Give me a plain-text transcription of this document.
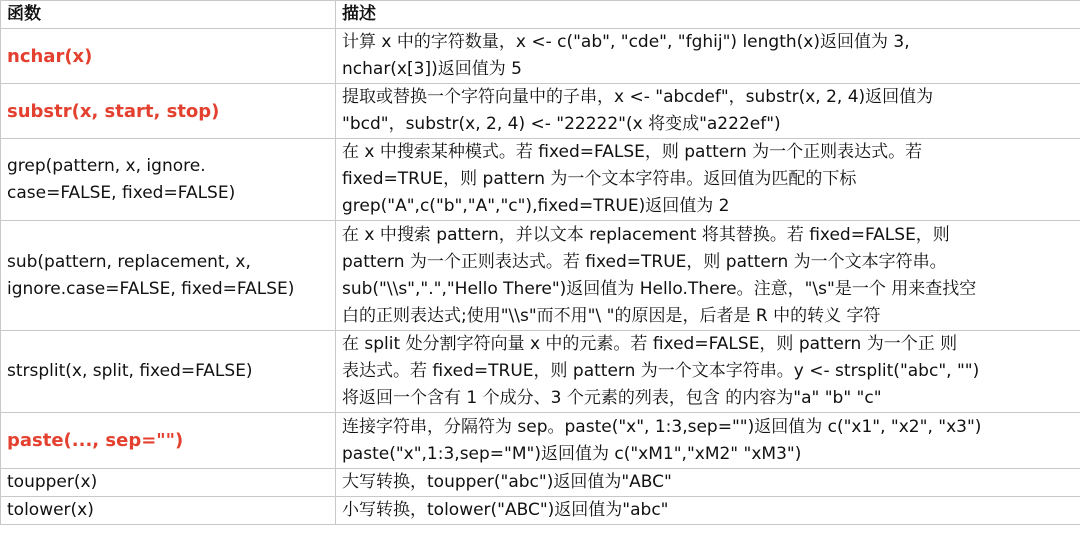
函数	描述

nchar(x)	计算 x 中的字符数量，x <- c("ab", "cde", "fghij") length(x)返回值为 3,
nchar(x[3])返回值为 5

substr(x, start, stop)	提取或替换一个字符向量中的子串，x <- "abcdef"，substr(x, 2, 4)返回值为
"bcd"，substr(x, 2, 4) <- "22222"(x 将变成"a222ef")

grep(pattern, x, ignore.
case=FALSE, fixed=FALSE)	在 x 中搜索某种模式。若 fixed=FALSE，则 pattern 为一个正则表达式。若
fixed=TRUE，则 pattern 为一个文本字符串。返回值为匹配的下标
grep("A",c("b","A","c"),fixed=TRUE)返回值为 2

sub(pattern, replacement, x,
ignore.case=FALSE, fixed=FALSE)	在 x 中搜索 pattern，并以文本 replacement 将其替换。若 fixed=FALSE，则
pattern 为一个正则表达式。若 fixed=TRUE，则 pattern 为一个文本字符串。
sub("\\s",".","Hello There")返回值为 Hello.There。注意，"\s"是一个 用来查找空
白的正则表达式;使用"\\s"而不用"\ "的原因是，后者是 R 中的转义 字符

strsplit(x, split, fixed=FALSE)	在 split 处分割字符向量 x 中的元素。若 fixed=FALSE，则 pattern 为一个正 则
表达式。若 fixed=TRUE，则 pattern 为一个文本字符串。y <- strsplit("abc", "")
将返回一个含有 1 个成分、3 个元素的列表，包含 的内容为"a" "b" "c"

paste(..., sep="")	连接字符串，分隔符为 sep。paste("x", 1:3,sep="")返回值为 c("x1", "x2", "x3")
paste("x",1:3,sep="M")返回值为 c("xM1","xM2" "xM3")

toupper(x)	大写转换，toupper("abc")返回值为"ABC"

tolower(x)	小写转换，tolower("ABC")返回值为"abc"
